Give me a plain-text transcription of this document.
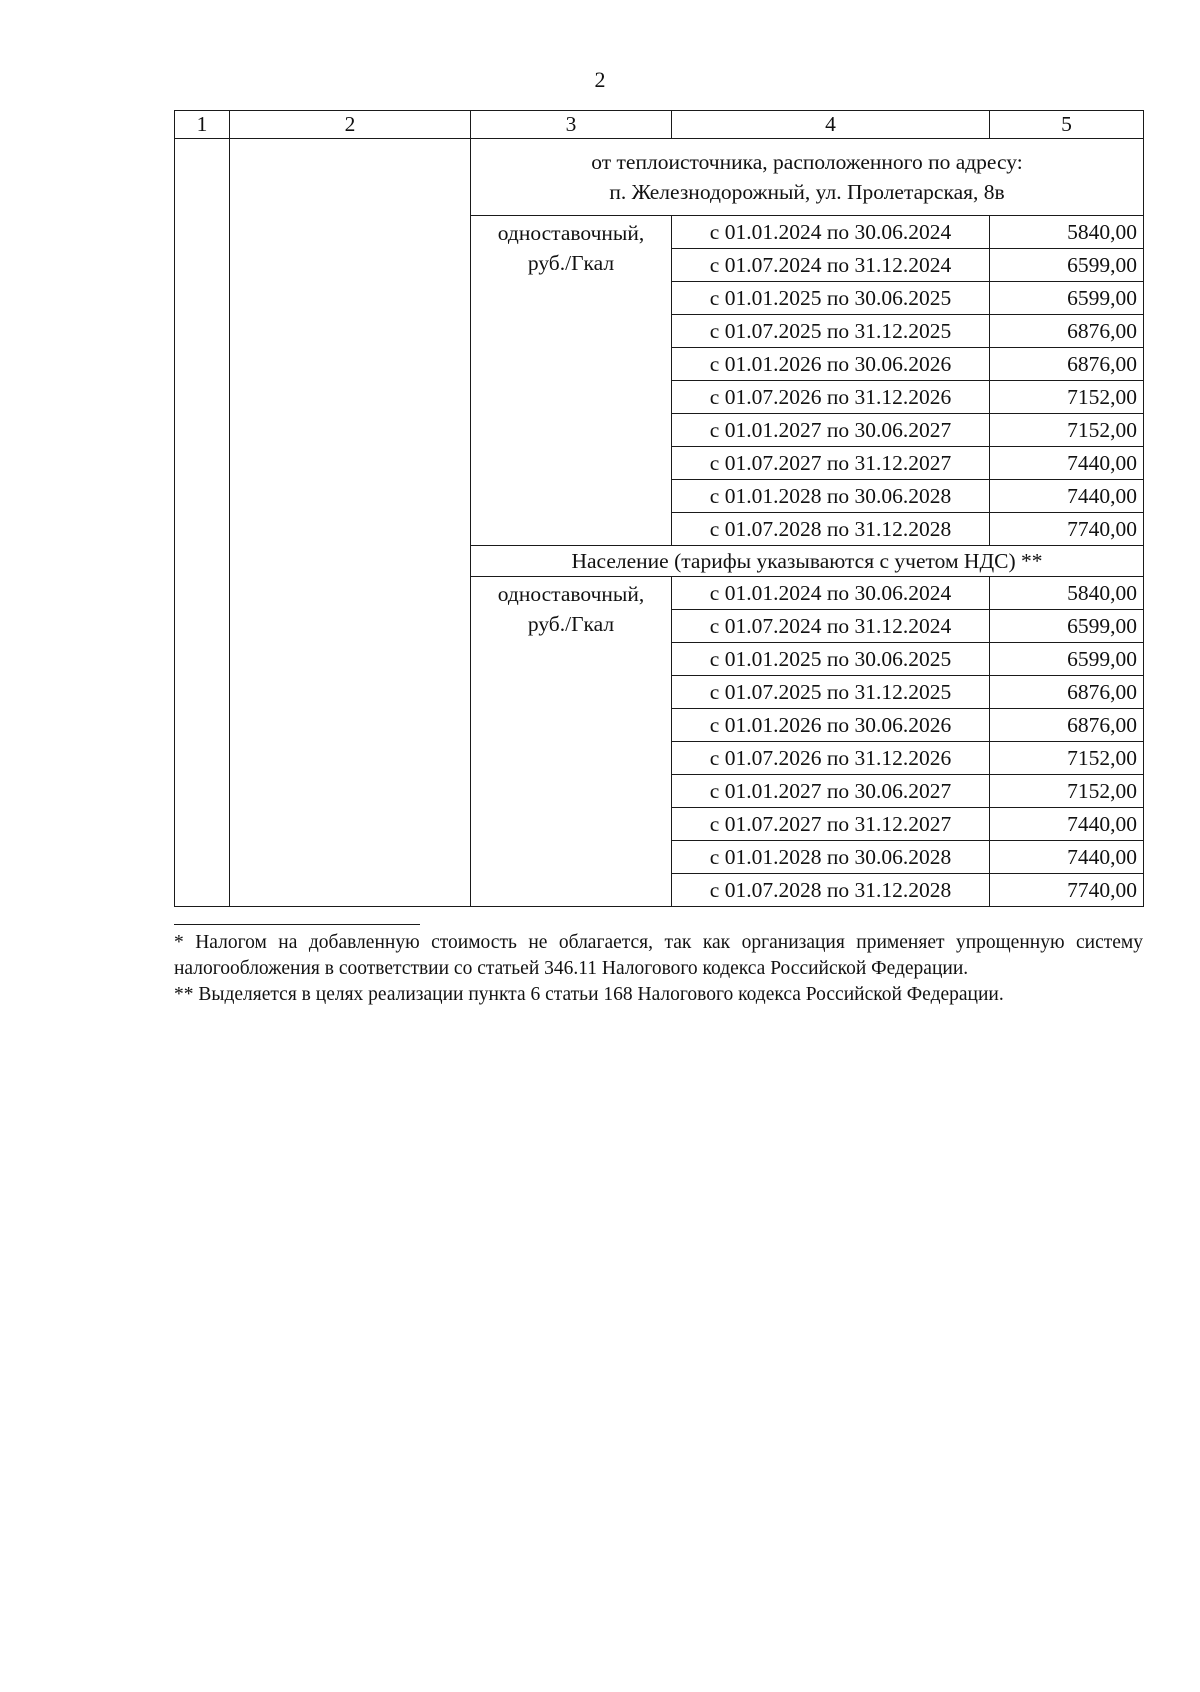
2
1	2	3	4	5

		от теплоисточника, расположенного по адресу:
п. Железнодорожный, ул. Пролетарская, 8в		

		одноставочный,
руб./Гкал	с 01.01.2024 по 30.06.2024	5840,00
			с 01.07.2024 по 31.12.2024	6599,00
			с 01.01.2025 по 30.06.2025	6599,00
			с 01.07.2025 по 31.12.2025	6876,00
			с 01.01.2026 по 30.06.2026	6876,00
			с 01.07.2026 по 31.12.2026	7152,00
			с 01.01.2027 по 30.06.2027	7152,00
			с 01.07.2027 по 31.12.2027	7440,00
			с 01.01.2028 по 30.06.2028	7440,00
			с 01.07.2028 по 31.12.2028	7740,00

		Население (тарифы указываются с учетом НДС) **		

		одноставочный,
руб./Гкал	с 01.01.2024 по 30.06.2024	5840,00
			с 01.07.2024 по 31.12.2024	6599,00
			с 01.01.2025 по 30.06.2025	6599,00
			с 01.07.2025 по 31.12.2025	6876,00
			с 01.01.2026 по 30.06.2026	6876,00
			с 01.07.2026 по 31.12.2026	7152,00
			с 01.01.2027 по 30.06.2027	7152,00
			с 01.07.2027 по 31.12.2027	7440,00
			с 01.01.2028 по 30.06.2028	7440,00
			с 01.07.2028 по 31.12.2028	7740,00

* Налогом на добавленную стоимость не облагается, так как организация применяет упрощенную систему налогообложения в соответствии со статьей 346.11 Налогового кодекса Российской Федерации.

** Выделяется в целях реализации пункта 6 статьи 168 Налогового кодекса Российской Федерации.
